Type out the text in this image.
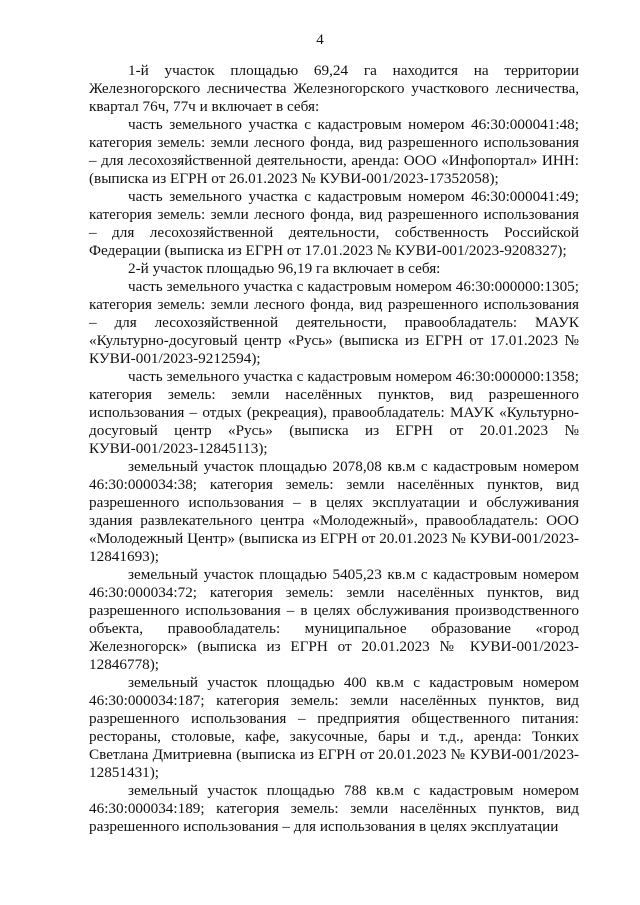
4

1-й участок площадью 69,24 га находится на территории Железногорского лесничества Железногорского участкового лесничества, квартал 76ч, 77ч и включает в себя:

часть земельного участка с кадастровым номером 46:30:000041:48; категория земель: земли лесного фонда, вид разрешенного использования – для лесохозяйственной деятельности, аренда: ООО «Инфопортал» ИНН: (выписка из ЕГРН от 26.01.2023 № КУВИ-001/2023-17352058);

часть земельного участка с кадастровым номером 46:30:000041:49; категория земель: земли лесного фонда, вид разрешенного использования – для лесохозяйственной деятельности, собственность Российской Федерации (выписка из ЕГРН от 17.01.2023 № КУВИ-001/2023-9208327);

2-й участок площадью 96,19 га включает в себя:

часть земельного участка с кадастровым номером 46:30:000000:1305; категория земель: земли лесного фонда, вид разрешенного использования – для лесохозяйственной деятельности, правообладатель: МАУК «Культурно-досуговый центр «Русь» (выписка из ЕГРН от 17.01.2023 № КУВИ-001/2023-9212594);

часть земельного участка с кадастровым номером 46:30:000000:1358; категория земель: земли населённых пунктов, вид разрешенного использования – отдых (рекреация), правообладатель: МАУК «Культурно-досуговый центр «Русь» (выписка из ЕГРН от 20.01.2023 № КУВИ-001/2023-12845113);

земельный участок площадью 2078,08 кв.м с кадастровым номером 46:30:000034:38; категория земель: земли населённых пунктов, вид разрешенного использования – в целях эксплуатации и обслуживания здания развлекательного центра «Молодежный», правообладатель: ООО «Молодежный Центр» (выписка из ЕГРН от 20.01.2023 № КУВИ-001/2023-12841693);

земельный участок площадью 5405,23 кв.м с кадастровым номером 46:30:000034:72; категория земель: земли населённых пунктов, вид разрешенного использования – в целях обслуживания производственного объекта, правообладатель: муниципальное образование «город Железногорск» (выписка из ЕГРН от 20.01.2023 № КУВИ-001/2023-12846778);

земельный участок площадью 400 кв.м с кадастровым номером 46:30:000034:187; категория земель: земли населённых пунктов, вид разрешенного использования – предприятия общественного питания: рестораны, столовые, кафе, закусочные, бары и т.д., аренда: Тонких Светлана Дмитриевна (выписка из ЕГРН от 20.01.2023 № КУВИ-001/2023-12851431);

земельный участок площадью 788 кв.м с кадастровым номером 46:30:000034:189; категория земель: земли населённых пунктов, вид разрешенного использования – для использования в целях эксплуатации
